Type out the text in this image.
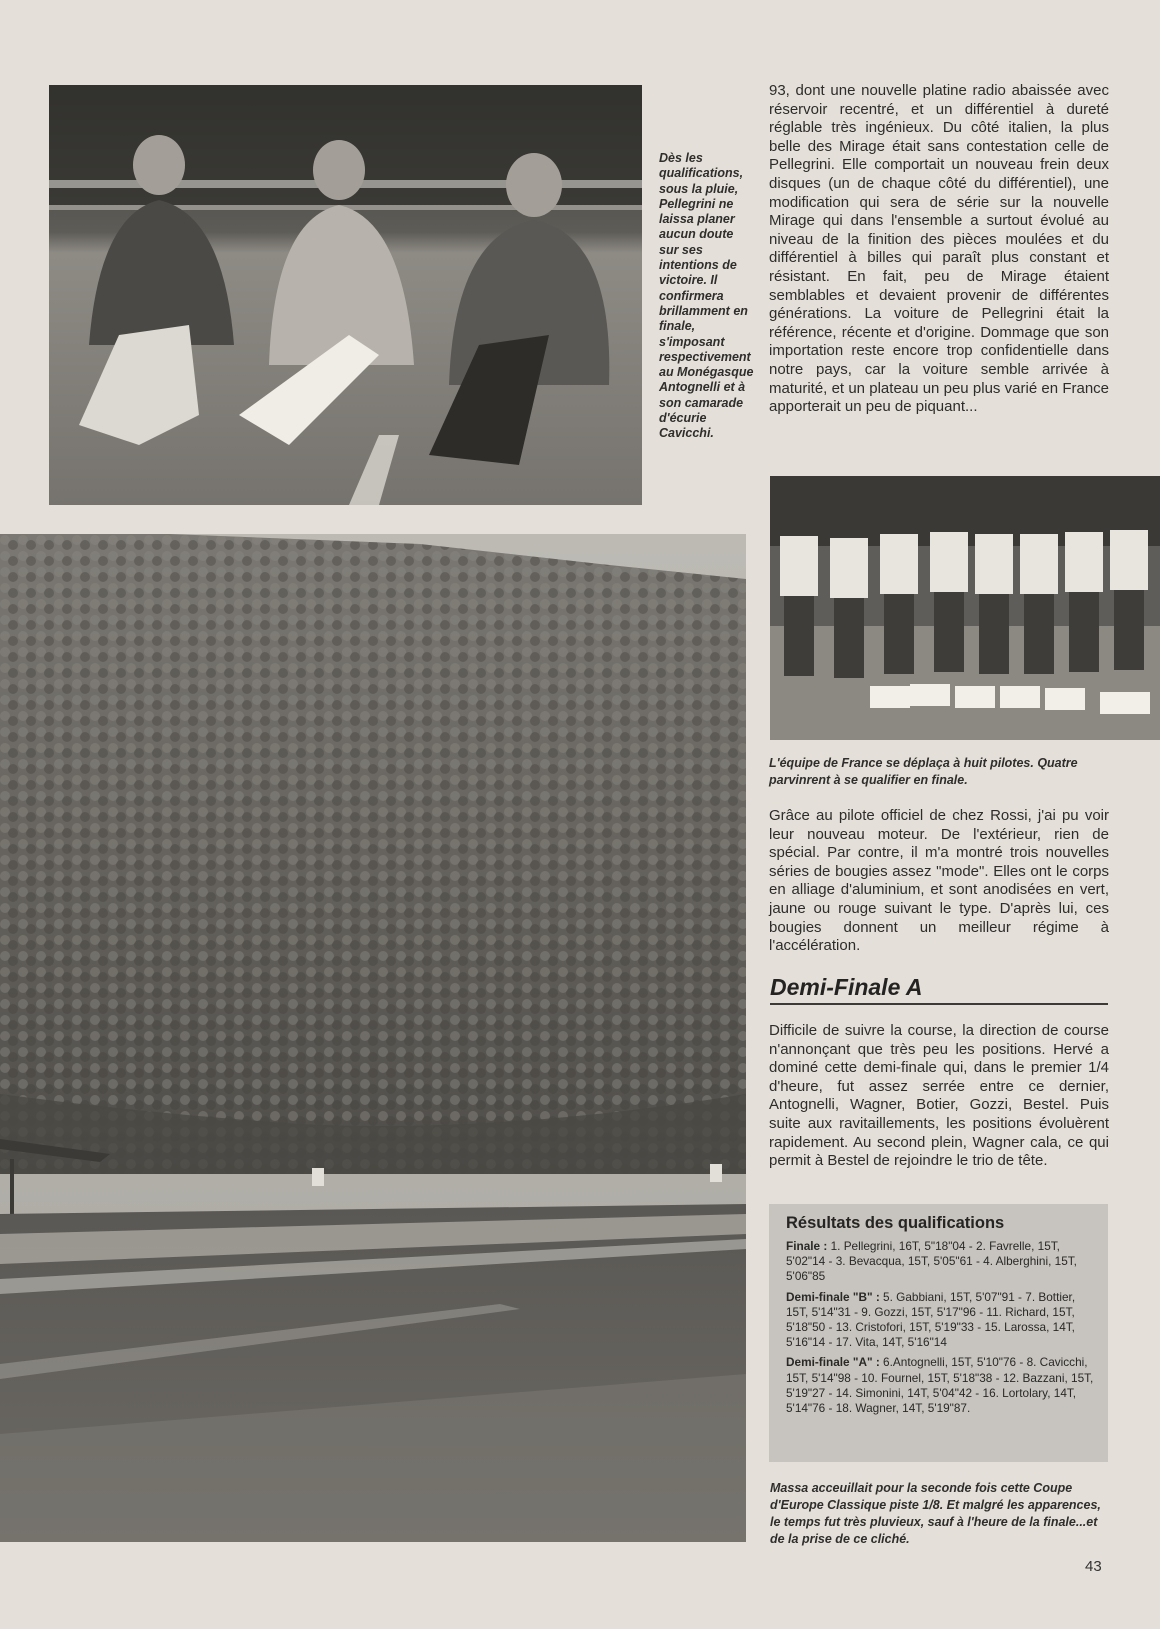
Dès les qualifications, sous la pluie, Pellegrini ne laissa planer aucun doute sur ses intentions de victoire. Il confirmera brillamment en finale, s'imposant respectivement au Monégasque Antognelli et à son camarade d'écurie Cavicchi.
93, dont une nouvelle platine radio abaissée avec réservoir recentré, et un différentiel à dureté réglable très ingénieux. Du côté italien, la plus belle des Mirage était sans contestation celle de Pellegrini. Elle comportait un nouveau frein deux disques (un de chaque côté du différentiel), une modification qui sera de série sur la nouvelle Mirage qui dans l'ensemble a surtout évolué au niveau de la finition des pièces moulées et du différentiel à billes qui paraît plus constant et résistant. En fait, peu de Mirage étaient semblables et devaient provenir de différentes générations. La voiture de Pellegrini était la référence, récente et d'origine. Dommage que son importation reste encore trop confidentielle dans notre pays, car la voiture semble arrivée à maturité, et un plateau un peu plus varié en France apporterait un peu de piquant...
L'équipe de France se déplaça à huit pilotes. Quatre parvinrent à se qualifier en finale.
Grâce au pilote officiel de chez Rossi, j'ai pu voir leur nouveau moteur. De l'extérieur, rien de spécial. Par contre, il m'a montré trois nouvelles séries de bougies assez "mode". Elles ont le corps en alliage d'aluminium, et sont anodisées en vert, jaune ou rouge suivant le type. D'après lui, ces bougies donnent un meilleur régime à l'accélération.
Demi-Finale A
Difficile de suivre la course, la direction de course n'annonçant que très peu les positions. Hervé a dominé cette demi-finale qui, dans le premier 1/4 d'heure, fut assez serrée entre ce dernier, Antognelli, Wagner, Botier, Gozzi, Bestel. Puis suite aux ravitaillements, les positions évoluèrent rapidement. Au second plein, Wagner cala, ce qui permit à Bestel de rejoindre le trio de tête.
Résultats des qualifications

Finale : 1. Pellegrini, 16T, 5"18"04 - 2. Favrelle, 15T, 5'02"14 - 3. Bevacqua, 15T, 5'05"61 - 4. Alberghini, 15T, 5'06"85

Demi-finale "B" : 5. Gabbiani, 15T, 5'07"91 - 7. Bottier, 15T, 5'14"31 - 9. Gozzi, 15T, 5'17"96 - 11. Richard, 15T, 5'18"50 - 13. Cristofori, 15T, 5'19"33 - 15. Larossa, 14T, 5'16"14 - 17. Vita, 14T, 5'16"14

Demi-finale "A" : 6.Antognelli, 15T, 5'10"76 - 8. Cavicchi, 15T, 5'14"98 - 10. Fournel, 15T, 5'18"38 - 12. Bazzani, 15T, 5'19"27 - 14. Simonini, 14T, 5'04"42 - 16. Lortolary, 14T, 5'14"76 - 18. Wagner, 14T, 5'19"87.

Massa acceuillait pour la seconde fois cette Coupe d'Europe Classique piste 1/8. Et malgré les apparences, le temps fut très pluvieux, sauf à l'heure de la finale...et de la prise de ce cliché.
43
